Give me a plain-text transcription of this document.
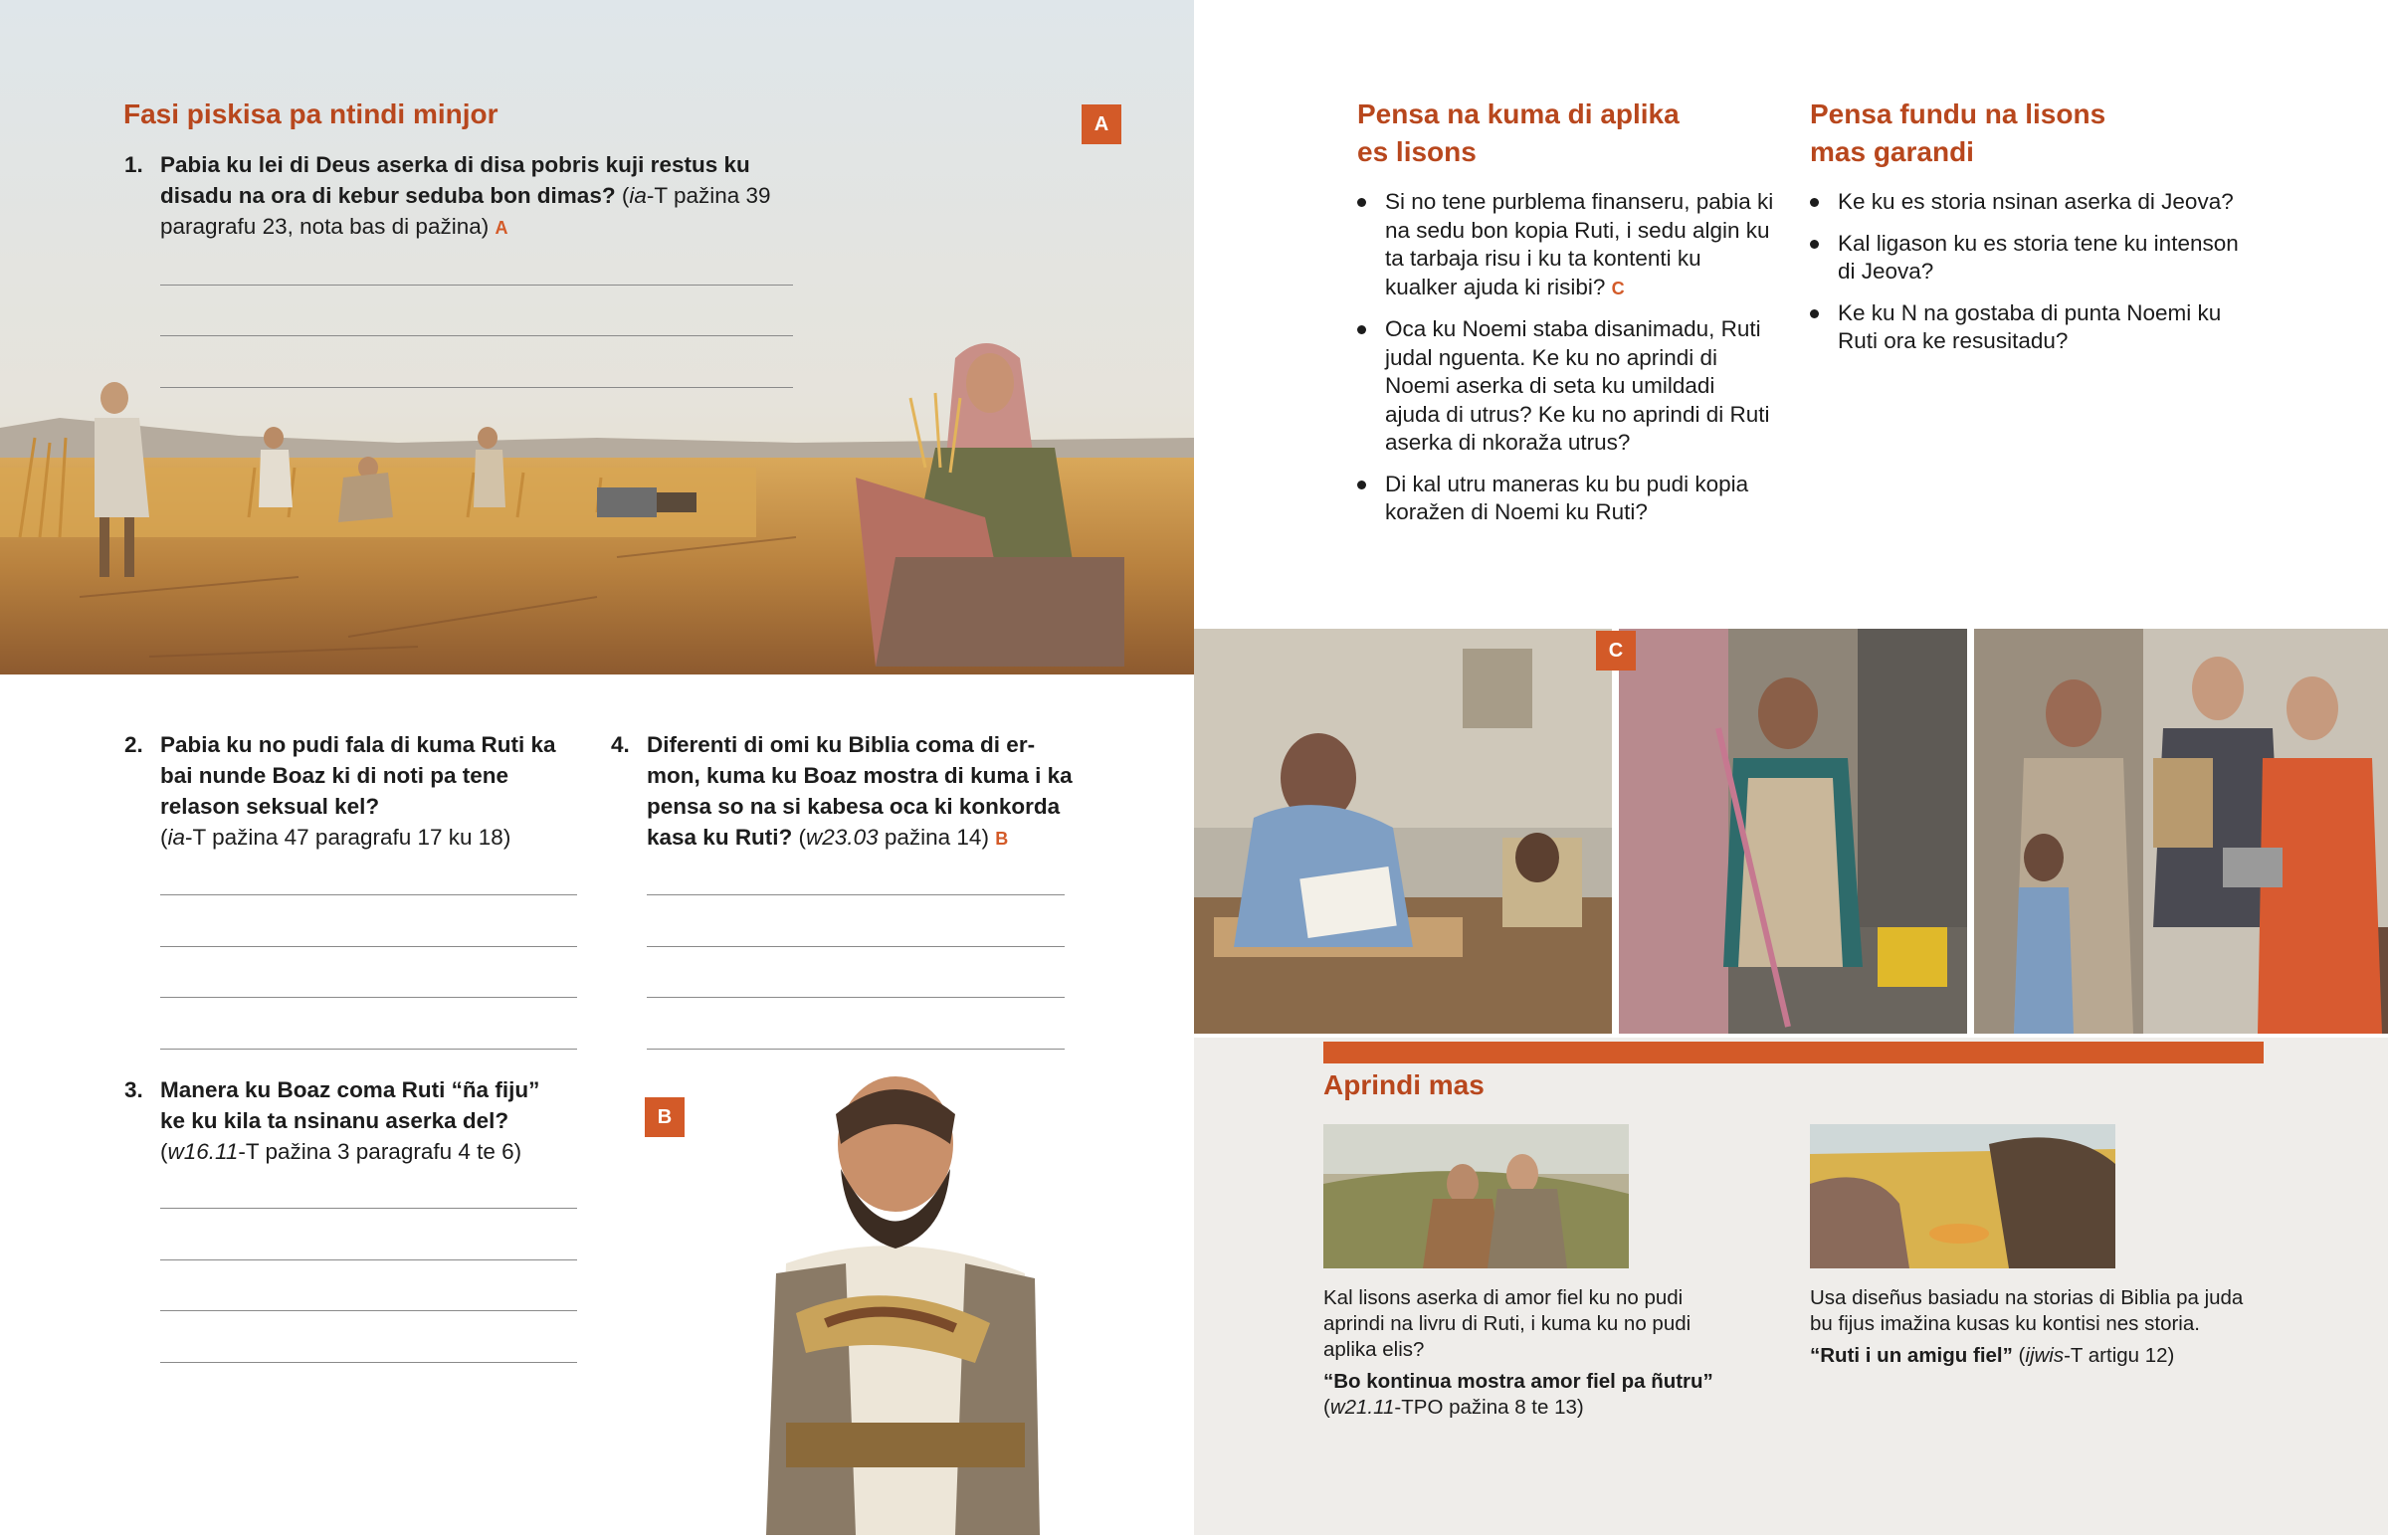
Fasi piskisa pa ntindi minjor	A
1. Pabia ku lei di Deus aserka di disa pobris kuji restus ku disadu na ora di kebur seduba bon dimas? (ia-T pažina 39 paragrafu 23, nota bas di pažina) A
2. Pabia ku no pudi fala di kuma Ruti ka bai nunde Boaz ki di noti pa tene relason seksual kel?
(ia-T pažina 47 paragrafu 17 ku 18)
4. Diferenti di omi ku Biblia coma di ermon, kuma ku Boaz mostra di kuma i ka pensa so na si kabesa oca ki konkorda kasa ku Ruti? (w23.03 pažina 14) B
3. Manera ku Boaz coma Ruti “ña fiju” ke ku kila ta nsinanu aserka del?
(w16.11-T pažina 3 paragrafu 4 te 6)
B
Pensa na kuma di aplika
es lisons
Si no tene purblema finanseru, pabia ki na sedu bon kopia Ruti, i sedu algin ku ta tarbaja risu i ku ta kontenti ku kualker ajuda ki risibi? C
Oca ku Noemi staba disanimadu, Ruti judal nguenta. Ke ku no aprindi di Noemi aserka di seta ku umildadi ajuda di utrus? Ke ku no aprindi di Ruti aserka di nkoraža utrus?
Di kal utru maneras ku bu pudi kopia koražen di Noemi ku Ruti?
Pensa fundu na lisons
mas garandi
Ke ku es storia nsinan aserka di Jeova?
Kal ligason ku es storia tene ku intenson di Jeova?
Ke ku N na gostaba di punta Noemi ku Ruti ora ke resusitadu?
C
Aprindi mas
Kal lisons aserka di amor fiel ku no pudi aprindi na livru di Ruti, i kuma ku no pudi aplika elis?
“Bo kontinua mostra amor fiel pa ñutru”
(w21.11-TPO pažina 8 te 13)
Usa diseñus basiadu na storias di Biblia pa juda bu fijus imažina kusas ku kontisi nes storia.
“Ruti i un amigu fiel” (ijwis-T artigu 12)
